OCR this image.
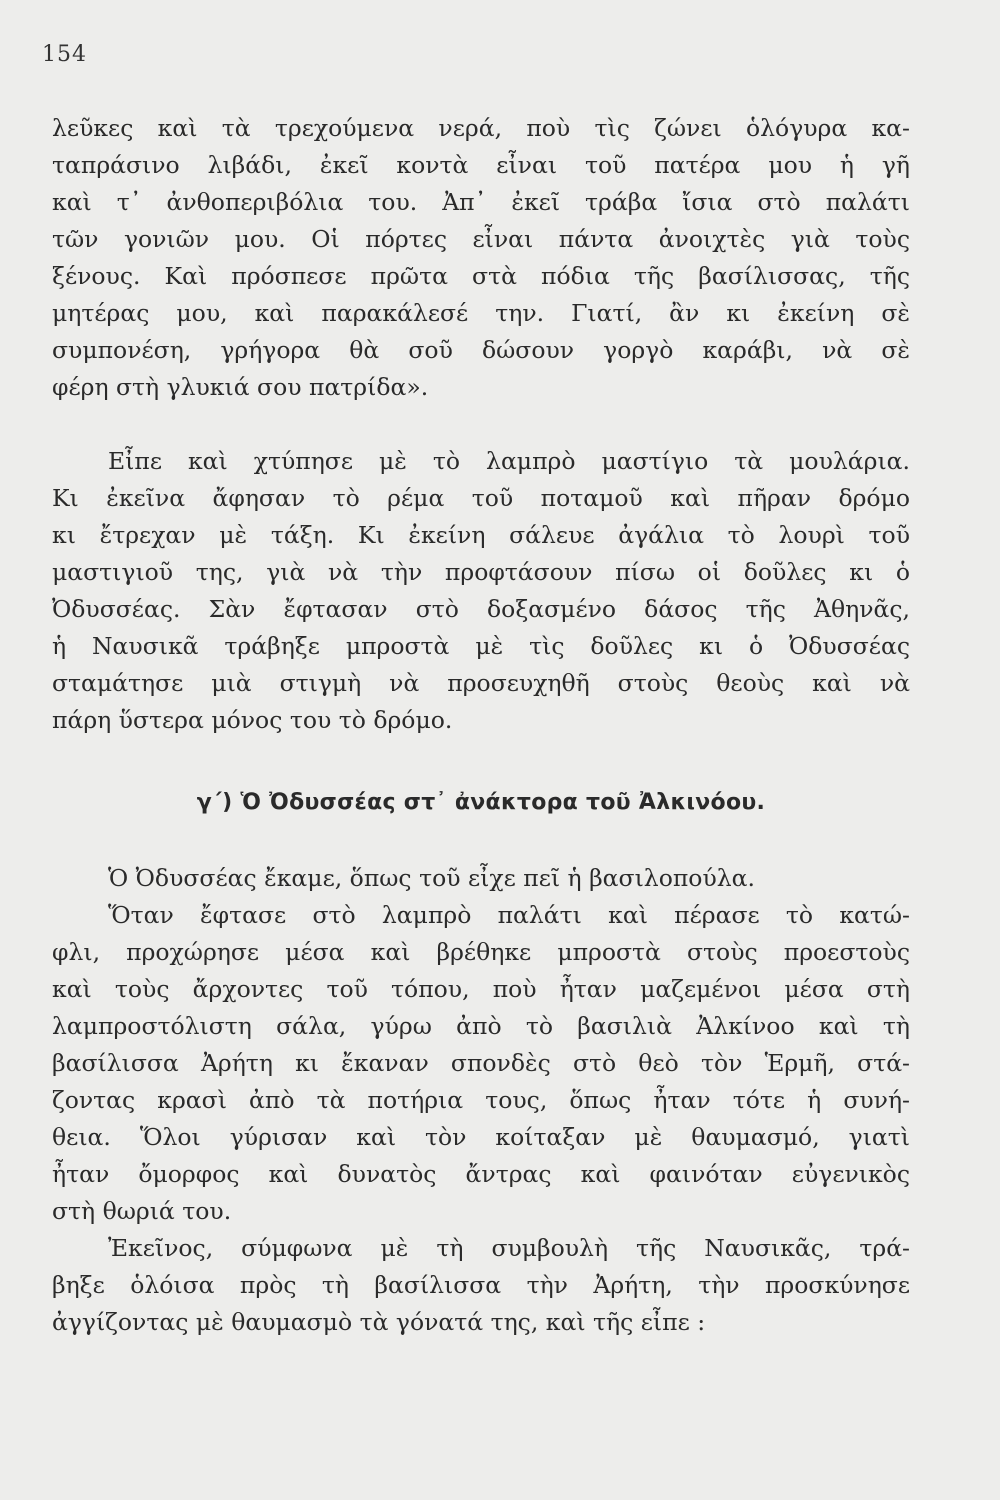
154
λεῦκες καὶ τὰ τρεχούμενα νερά, ποὺ τὶς ζώνει ὁλόγυρα κα-
ταπράσινο λιβάδι, ἐκεῖ κοντὰ εἶναι τοῦ πατέρα μου ἡ γῆ
καὶ τ᾽ ἀνθοπεριβόλια του. Ἀπ᾽ ἐκεῖ τράβα ἴσια στὸ παλάτι
τῶν γονιῶν μου. Οἱ πόρτες εἶναι πάντα ἀνοιχτὲς γιὰ τοὺς
ξένους. Καὶ πρόσπεσε πρῶτα στὰ πόδια τῆς βασίλισσας, τῆς
μητέρας μου, καὶ παρακάλεσέ την. Γιατί, ἂν κι ἐκείνη σὲ
συμπονέση, γρήγορα θὰ σοῦ δώσουν γοργὸ καράβι, νὰ σὲ
φέρη στὴ γλυκιά σου πατρίδα».
Εἶπε καὶ χτύπησε μὲ τὸ λαμπρὸ μαστίγιο τὰ μουλάρια.
Κι ἐκεῖνα ἄφησαν τὸ ρέμα τοῦ ποταμοῦ καὶ πῆραν δρόμο
κι ἔτρεχαν μὲ τάξη. Κι ἐκείνη σάλευε ἀγάλια τὸ λουρὶ τοῦ
μαστιγιοῦ της, γιὰ νὰ τὴν προφτάσουν πίσω οἱ δοῦλες κι ὁ
Ὀδυσσέας. Σὰν ἔφτασαν στὸ δοξασμένο δάσος τῆς Ἀθηνᾶς,
ἡ Ναυσικᾶ τράβηξε μπροστὰ μὲ τὶς δοῦλες κι ὁ Ὀδυσσέας
σταμάτησε μιὰ στιγμὴ νὰ προσευχηθῆ στοὺς θεοὺς καὶ νὰ
πάρη ὕστερα μόνος του τὸ δρόμο.
γ΄) Ὁ Ὀδυσσέας στ᾽ ἀνάκτορα τοῦ Ἀλκινόου.
Ὁ Ὀδυσσέας ἔκαμε, ὅπως τοῦ εἶχε πεῖ ἡ βασιλοπούλα.
Ὅταν ἔφτασε στὸ λαμπρὸ παλάτι καὶ πέρασε τὸ κατώ-
φλι, προχώρησε μέσα καὶ βρέθηκε μπροστὰ στοὺς προεστοὺς
καὶ τοὺς ἄρχοντες τοῦ τόπου, ποὺ ἦταν μαζεμένοι μέσα στὴ
λαμπροστόλιστη σάλα, γύρω ἀπὸ τὸ βασιλιὰ Ἀλκίνοο καὶ τὴ
βασίλισσα Ἀρήτη κι ἔκαναν σπονδὲς στὸ θεὸ τὸν Ἑρμῆ, στά-
ζοντας κρασὶ ἀπὸ τὰ ποτήρια τους, ὅπως ἦταν τότε ἡ συνή-
θεια. Ὅλοι γύρισαν καὶ τὸν κοίταξαν μὲ θαυμασμό, γιατὶ
ἦταν ὄμορφος καὶ δυνατὸς ἄντρας καὶ φαινόταν εὐγενικὸς
στὴ θωριά του.
Ἐκεῖνος, σύμφωνα μὲ τὴ συμβουλὴ τῆς Ναυσικᾶς, τρά-
βηξε ὁλόισα πρὸς τὴ βασίλισσα τὴν Ἀρήτη, τὴν προσκύνησε
ἀγγίζοντας μὲ θαυμασμὸ τὰ γόνατά της, καὶ τῆς εἶπε :
